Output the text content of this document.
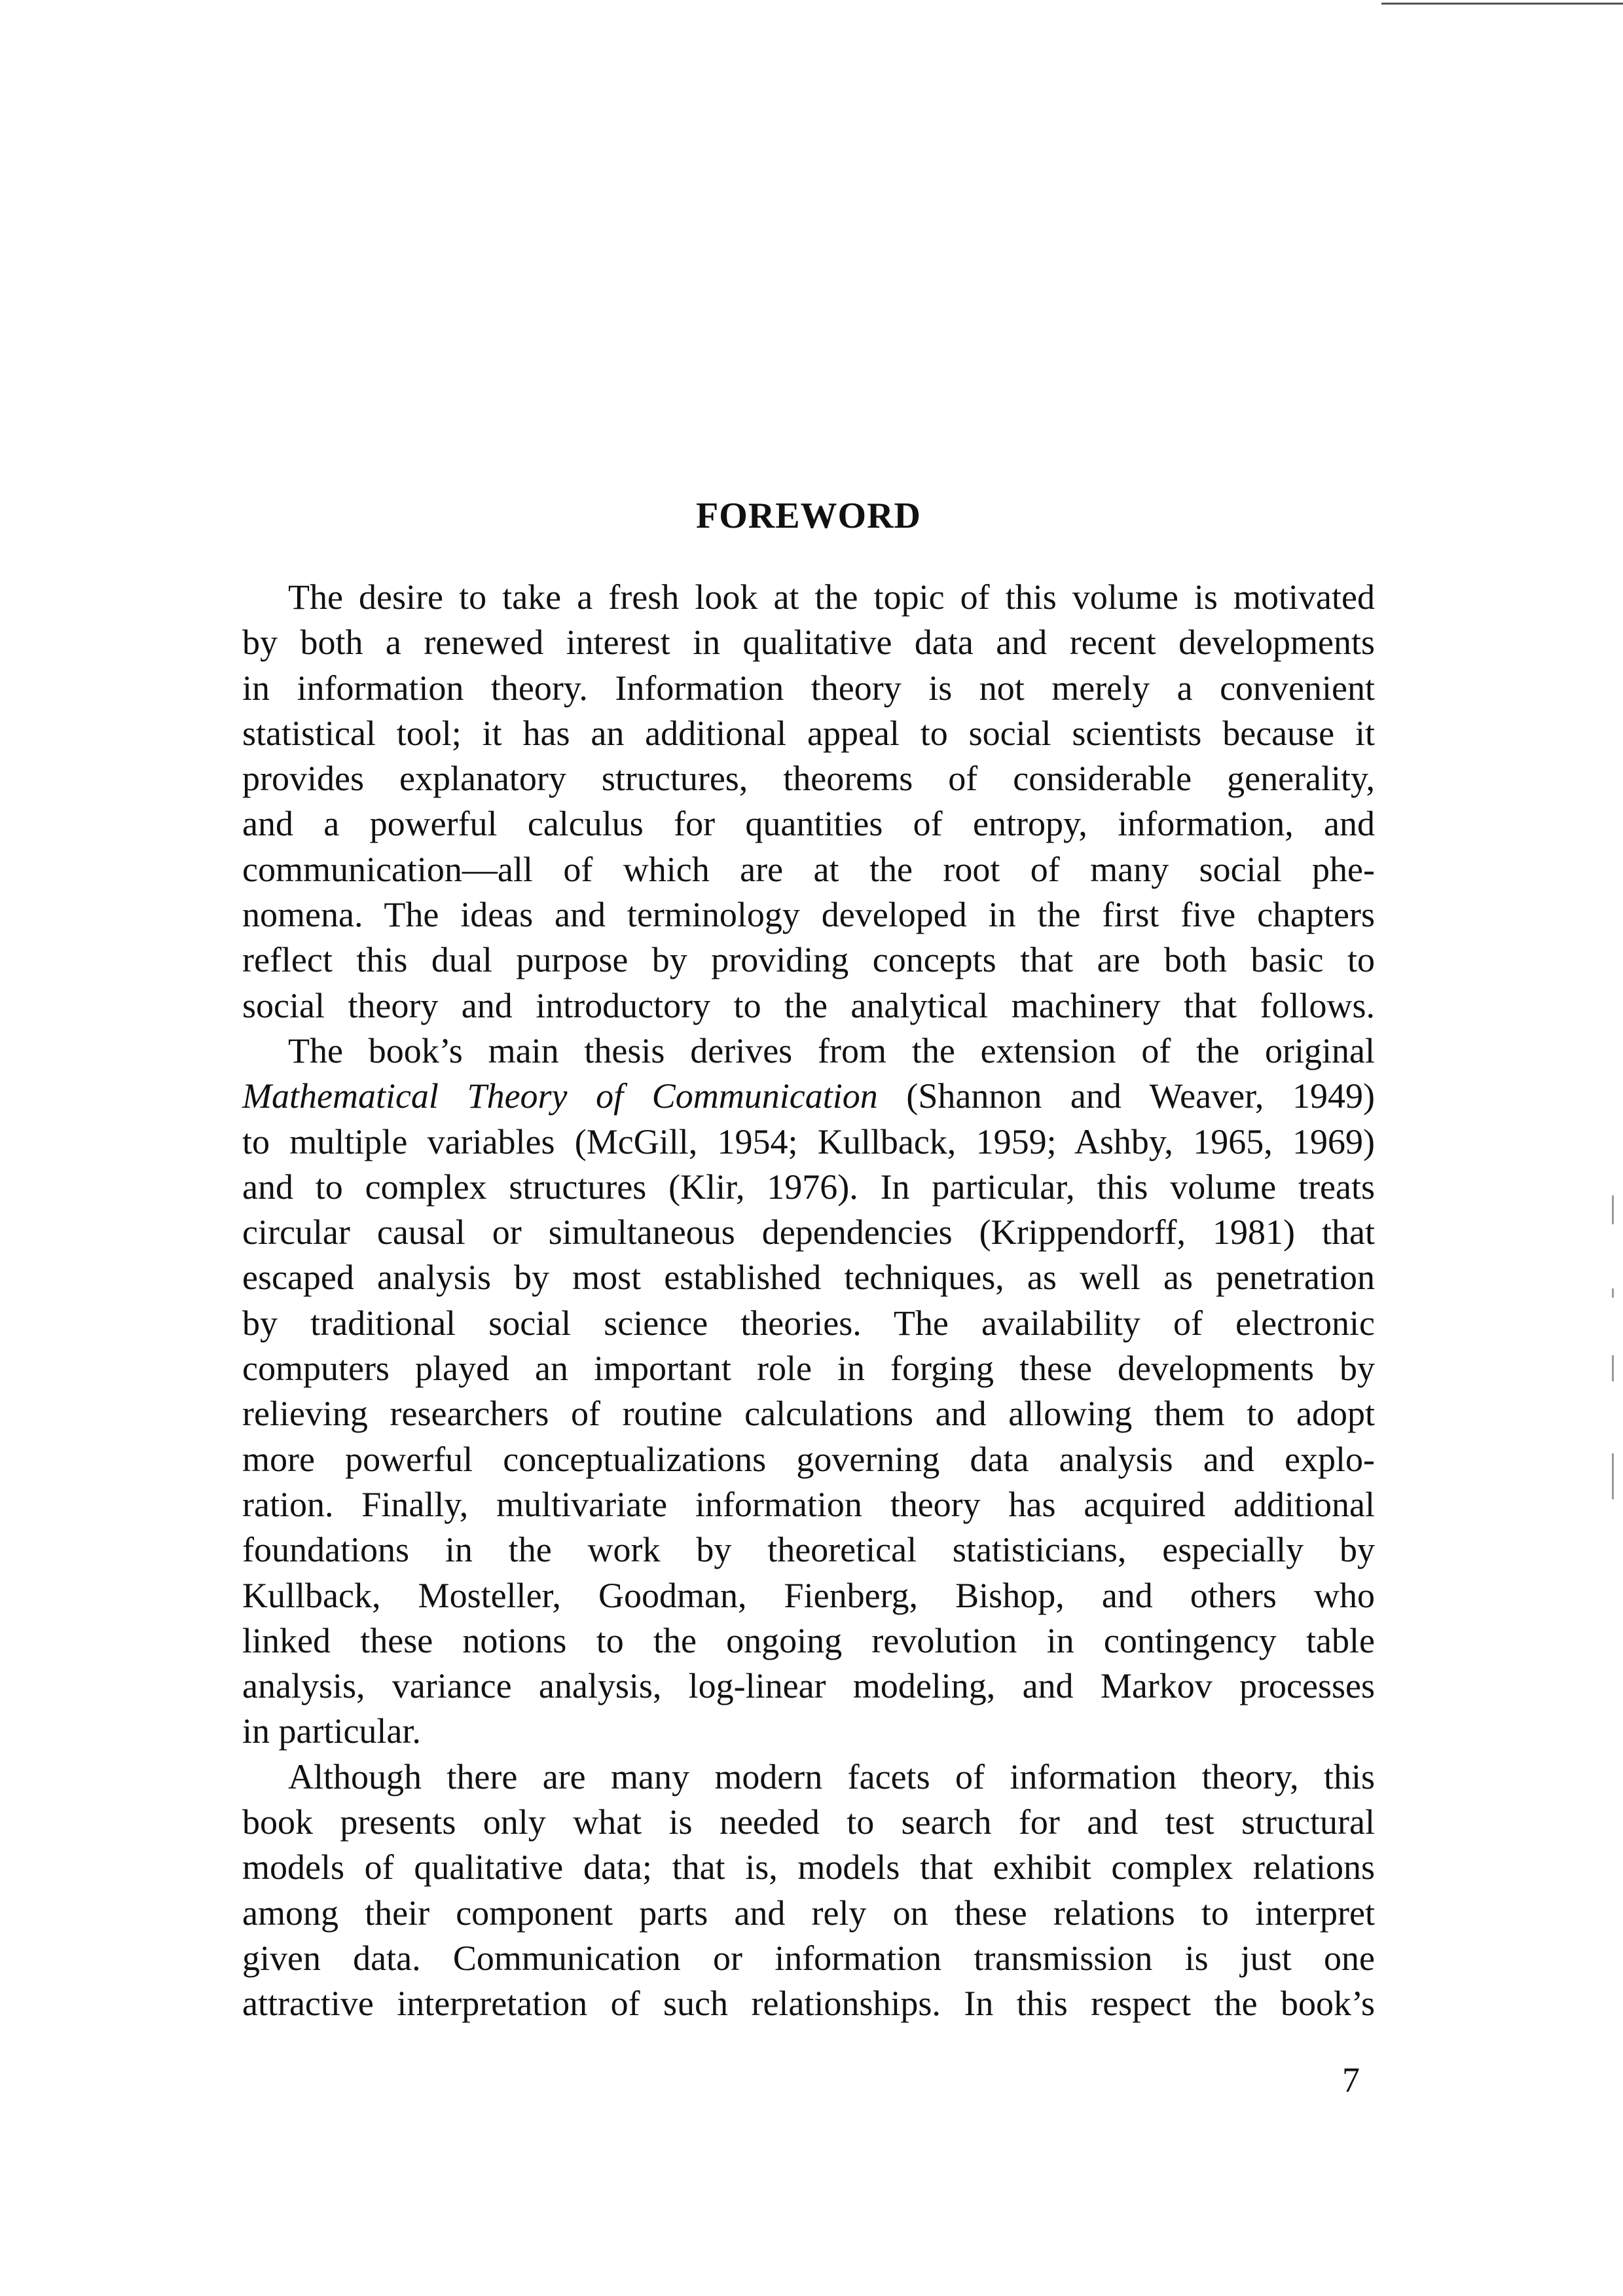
FOREWORD
The desire to take a fresh look at the topic of this volume is motivated
by both a renewed interest in qualitative data and recent developments
in information theory. Information theory is not merely a convenient
statistical tool; it has an additional appeal to social scientists because it
provides explanatory structures, theorems of considerable generality,
and a powerful calculus for quantities of entropy, information, and
communication—all of which are at the root of many social phe-
nomena. The ideas and terminology developed in the first five chapters
reflect this dual purpose by providing concepts that are both basic to
social theory and introductory to the analytical machinery that follows.
The book’s main thesis derives from the extension of the original
Mathematical Theory of Communication (Shannon and Weaver, 1949)
to multiple variables (McGill, 1954; Kullback, 1959; Ashby, 1965, 1969)
and to complex structures (Klir, 1976). In particular, this volume treats
circular causal or simultaneous dependencies (Krippendorff, 1981) that
escaped analysis by most established techniques, as well as penetration
by traditional social science theories. The availability of electronic
computers played an important role in forging these developments by
relieving researchers of routine calculations and allowing them to adopt
more powerful conceptualizations governing data analysis and explo-
ration. Finally, multivariate information theory has acquired additional
foundations in the work by theoretical statisticians, especially by
Kullback, Mosteller, Goodman, Fienberg, Bishop, and others who
linked these notions to the ongoing revolution in contingency table
analysis, variance analysis, log-linear modeling, and Markov processes
in particular.
Although there are many modern facets of information theory, this
book presents only what is needed to search for and test structural
models of qualitative data; that is, models that exhibit complex relations
among their component parts and rely on these relations to interpret
given data. Communication or information transmission is just one
attractive interpretation of such relationships. In this respect the book’s
7
